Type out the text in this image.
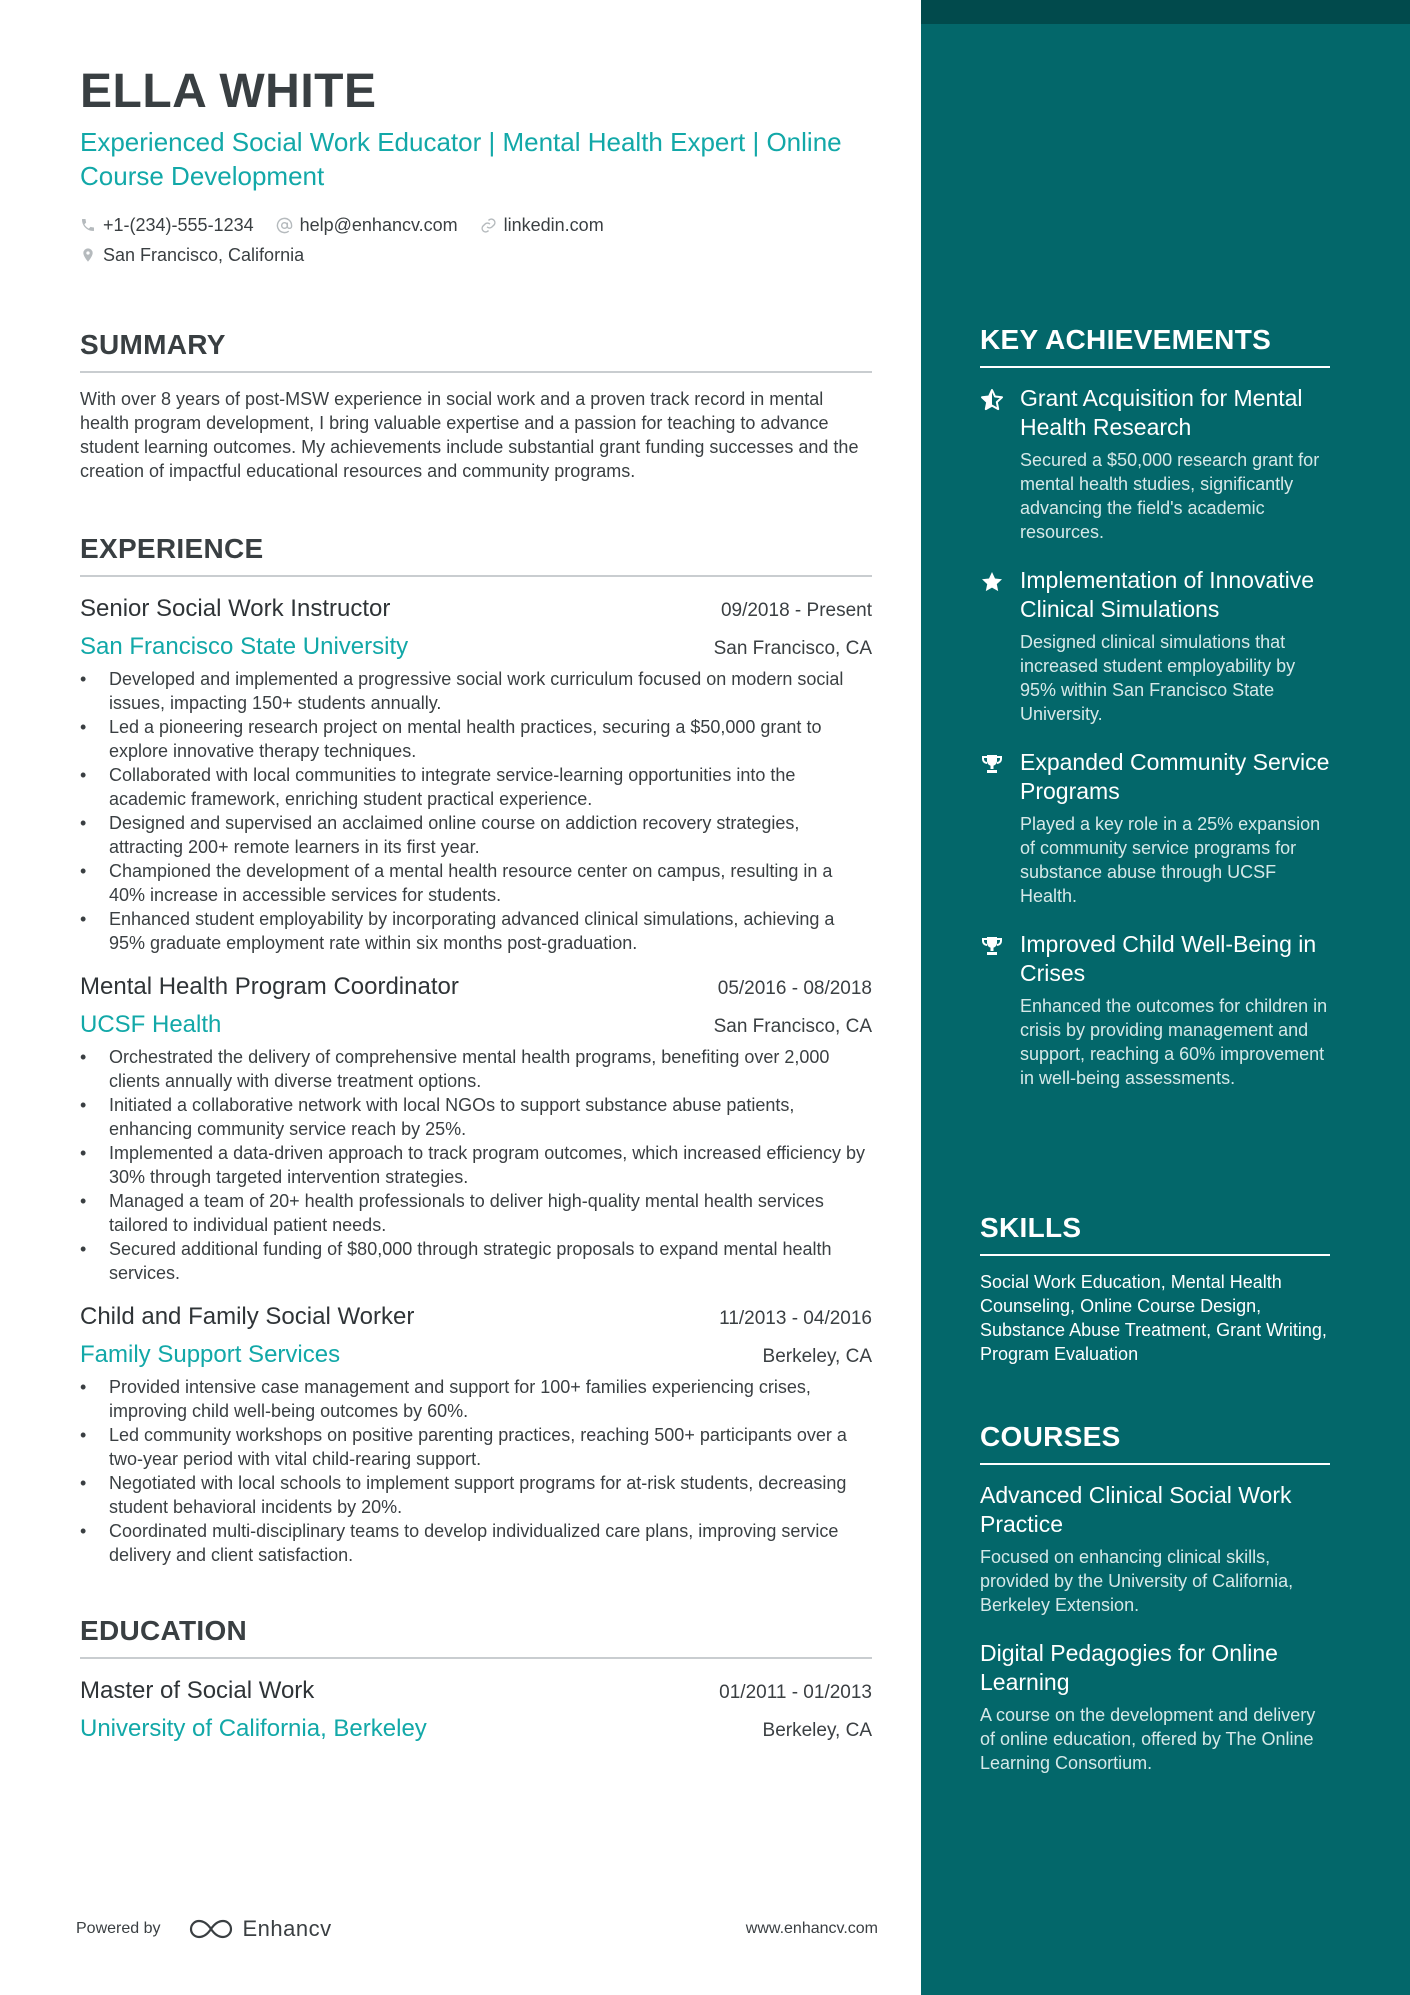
ELLA WHITE
Experienced Social Work Educator | Mental Health Expert | Online Course Development
+1-(234)-555-1234	help@enhancv.com	linkedin.com
San Francisco, California
SUMMARY
With over 8 years of post-MSW experience in social work and a proven track record in mental health program development, I bring valuable expertise and a passion for teaching to advance student learning outcomes. My achievements include substantial grant funding successes and the creation of impactful educational resources and community programs.
EXPERIENCE
Senior Social Work Instructor	09/2018 - Present
San Francisco State University	San Francisco, CA
• Developed and implemented a progressive social work curriculum focused on modern social issues, impacting 150+ students annually.
• Led a pioneering research project on mental health practices, securing a $50,000 grant to explore innovative therapy techniques.
• Collaborated with local communities to integrate service-learning opportunities into the academic framework, enriching student practical experience.
• Designed and supervised an acclaimed online course on addiction recovery strategies, attracting 200+ remote learners in its first year.
• Championed the development of a mental health resource center on campus, resulting in a 40% increase in accessible services for students.
• Enhanced student employability by incorporating advanced clinical simulations, achieving a 95% graduate employment rate within six months post-graduation.
Mental Health Program Coordinator	05/2016 - 08/2018
UCSF Health	San Francisco, CA
• Orchestrated the delivery of comprehensive mental health programs, benefiting over 2,000 clients annually with diverse treatment options.
• Initiated a collaborative network with local NGOs to support substance abuse patients, enhancing community service reach by 25%.
• Implemented a data-driven approach to track program outcomes, which increased efficiency by 30% through targeted intervention strategies.
• Managed a team of 20+ health professionals to deliver high-quality mental health services tailored to individual patient needs.
• Secured additional funding of $80,000 through strategic proposals to expand mental health services.
Child and Family Social Worker	11/2013 - 04/2016
Family Support Services	Berkeley, CA
• Provided intensive case management and support for 100+ families experiencing crises, improving child well-being outcomes by 60%.
• Led community workshops on positive parenting practices, reaching 500+ participants over a two-year period with vital child-rearing support.
• Negotiated with local schools to implement support programs for at-risk students, decreasing student behavioral incidents by 20%.
• Coordinated multi-disciplinary teams to develop individualized care plans, improving service delivery and client satisfaction.
EDUCATION
Master of Social Work	01/2011 - 01/2013
University of California, Berkeley	Berkeley, CA
KEY ACHIEVEMENTS
Grant Acquisition for Mental Health Research
Secured a $50,000 research grant for mental health studies, significantly advancing the field's academic resources.
Implementation of Innovative Clinical Simulations
Designed clinical simulations that increased student employability by 95% within San Francisco State University.
Expanded Community Service Programs
Played a key role in a 25% expansion of community service programs for substance abuse through UCSF Health.
Improved Child Well-Being in Crises
Enhanced the outcomes for children in crisis by providing management and support, reaching a 60% improvement in well-being assessments.
SKILLS
Social Work Education, Mental Health Counseling, Online Course Design, Substance Abuse Treatment, Grant Writing, Program Evaluation
COURSES
Advanced Clinical Social Work Practice
Focused on enhancing clinical skills, provided by the University of California, Berkeley Extension.
Digital Pedagogies for Online Learning
A course on the development and delivery of online education, offered by The Online Learning Consortium.
Powered by	Enhancv	www.enhancv.com
